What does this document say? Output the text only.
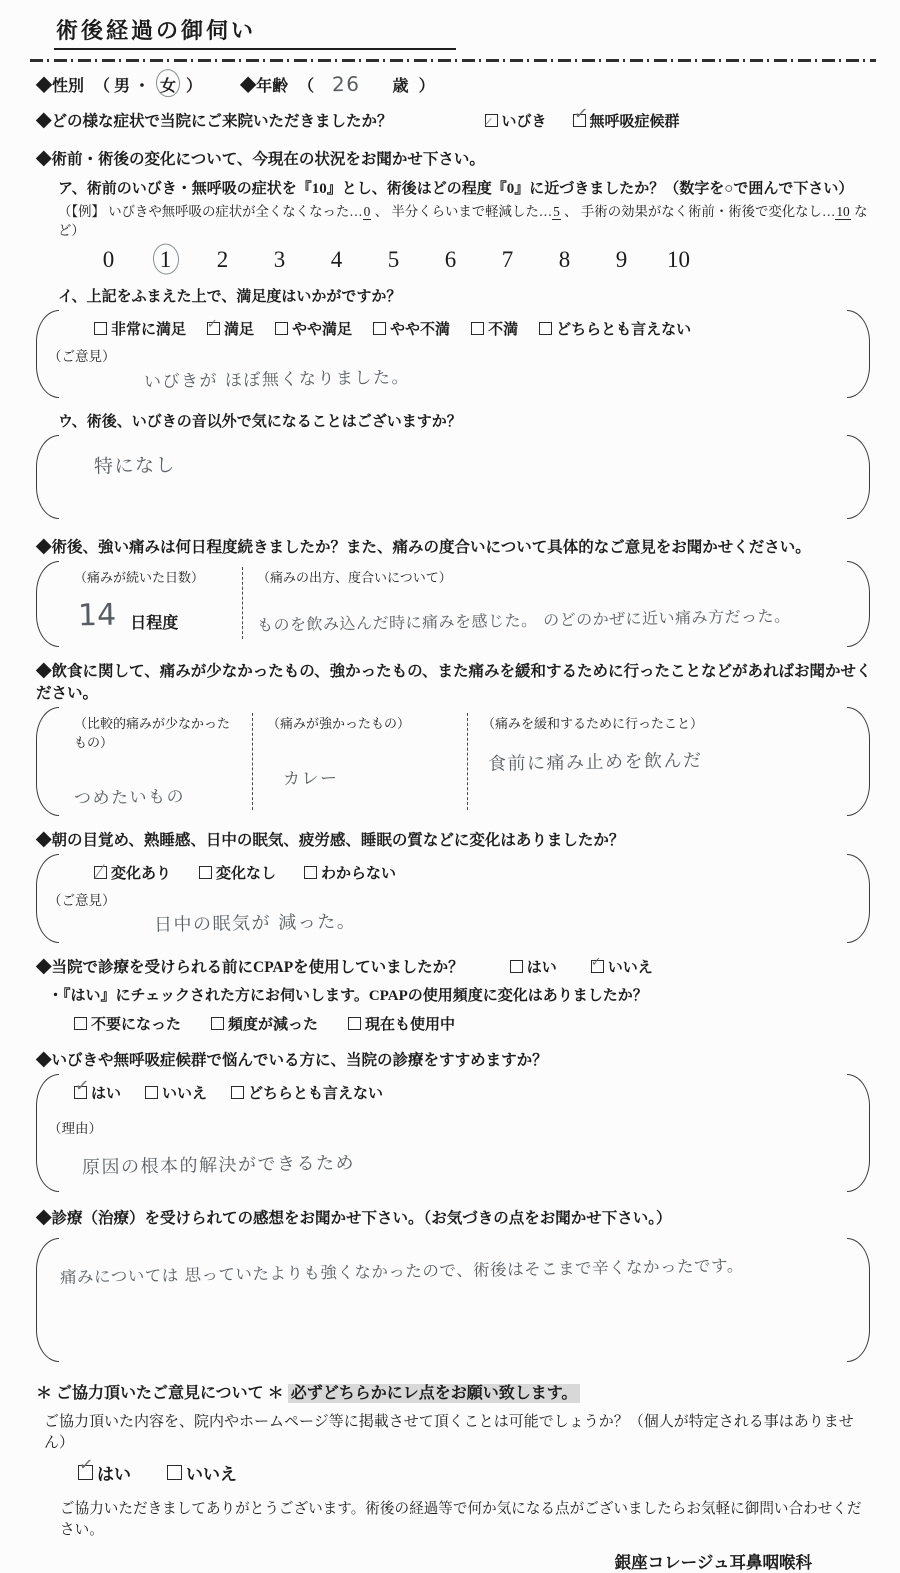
術後経過の御伺い
◆性別 （ 男 ・ 女 ） ◆年齢 （ 26 歳 ）
◆どの様な症状で当院にご来院いただきましたか？	いびき ✓	無呼吸症候群
◆術前・術後の変化について、今現在の状況をお聞かせ下さい。
ア、術前のいびき・無呼吸の症状を『10』とし、術後はどの程度『0』に近づきましたか？（数字を○で囲んで下さい）
（【例】 いびきや無呼吸の症状が全くなくなった…0 、 半分くらいまで軽減した…5 、 手術の効果がなく術前・術後で変化なし…10 など）
0	1	2	3	4	5	6	7	8	9	10
イ、上記をふまえた上で、満足度はいかがですか？
非常に満足 ✓	満足	やや満足	やや不満	不満	どちらとも言えない
（ご意見）
いびきが ほぼ無くなりました。
ウ、術後、いびきの音以外で気になることはございますか？
特になし
◆術後、強い痛みは何日程度続きましたか？また、痛みの度合いについて具体的なご意見をお聞かせください。
（痛みが続いた日数）
14 日程度
（痛みの出方、度合いについて）
ものを飲み込んだ時に痛みを感じた。 のどのかぜに近い痛み方だった。
◆飲食に関して、痛みが少なかったもの、強かったもの、また痛みを緩和するために行ったことなどがあればお聞かせください。
（比較的痛みが少なかったもの）
つめたいもの
（痛みが強かったもの）
カレー
（痛みを緩和するために行ったこと）
食前に痛み止めを飲んだ
◆朝の目覚め、熟睡感、日中の眠気、疲労感、睡眠の質などに変化はありましたか？
変化あり	変化なし	わからない
（ご意見）
日中の眠気が 減った。
◆当院で診療を受けられる前にCPAPを使用していましたか？	はい ✓	いいえ
・『はい』にチェックされた方にお伺いします。CPAPの使用頻度に変化はありましたか？
不要になった	頻度が減った	現在も使用中
◆いびきや無呼吸症候群で悩んでいる方に、当院の診療をすすめますか？
✓
はい	いいえ	どちらとも言えない
（理由）
原因の根本的解決ができるため
◆診療（治療）を受けられての感想をお聞かせ下さい。（お気づきの点をお聞かせ下さい。）
痛みについては 思っていたよりも強くなかったので、術後はそこまで辛くなかったです。
＊ ご協力頂いたご意見について ＊ 必ずどちらかにレ点をお願い致します。
ご協力頂いた内容を、院内やホームページ等に掲載させて頂くことは可能でしょうか？（個人が特定される事はありません）
✓
はい	いいえ
ご協力いただきましてありがとうございます。術後の経過等で何か気になる点がございましたらお気軽に御問い合わせください。
銀座コレージュ耳鼻咽喉科
